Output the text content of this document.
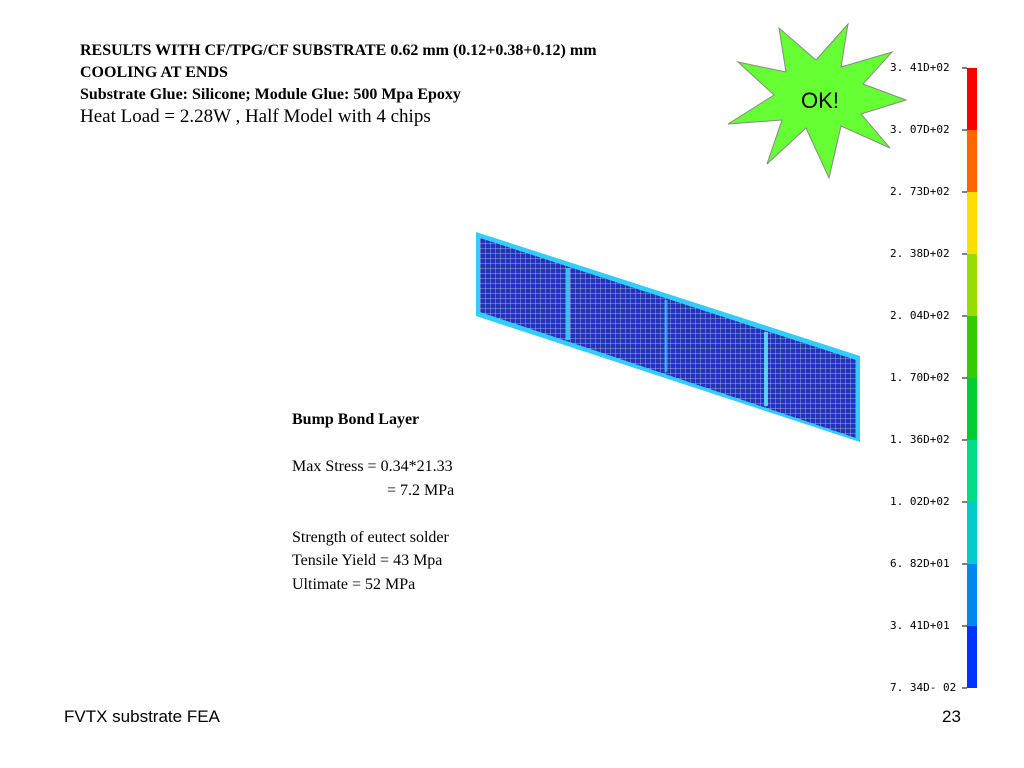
RESULTS WITH CF/TPG/CF SUBSTRATE 0.62 mm (0.12+0.38+0.12) mm
COOLING AT ENDS
Substrate Glue: Silicone; Module Glue: 500 Mpa Epoxy
Heat Load = 2.28W , Half Model with 4 chips
OK!
3. 41D+02
3. 07D+02
2. 73D+02
2. 38D+02
2. 04D+02
1. 70D+02
1. 36D+02
1. 02D+02
6. 82D+01
3. 41D+01
7. 34D- 02
Bump Bond Layer
Max Stress = 0.34*21.33
= 7.2 MPa
Strength of eutect solder
Tensile Yield = 43 Mpa
Ultimate = 52 MPa
FVTX substrate FEA	23
